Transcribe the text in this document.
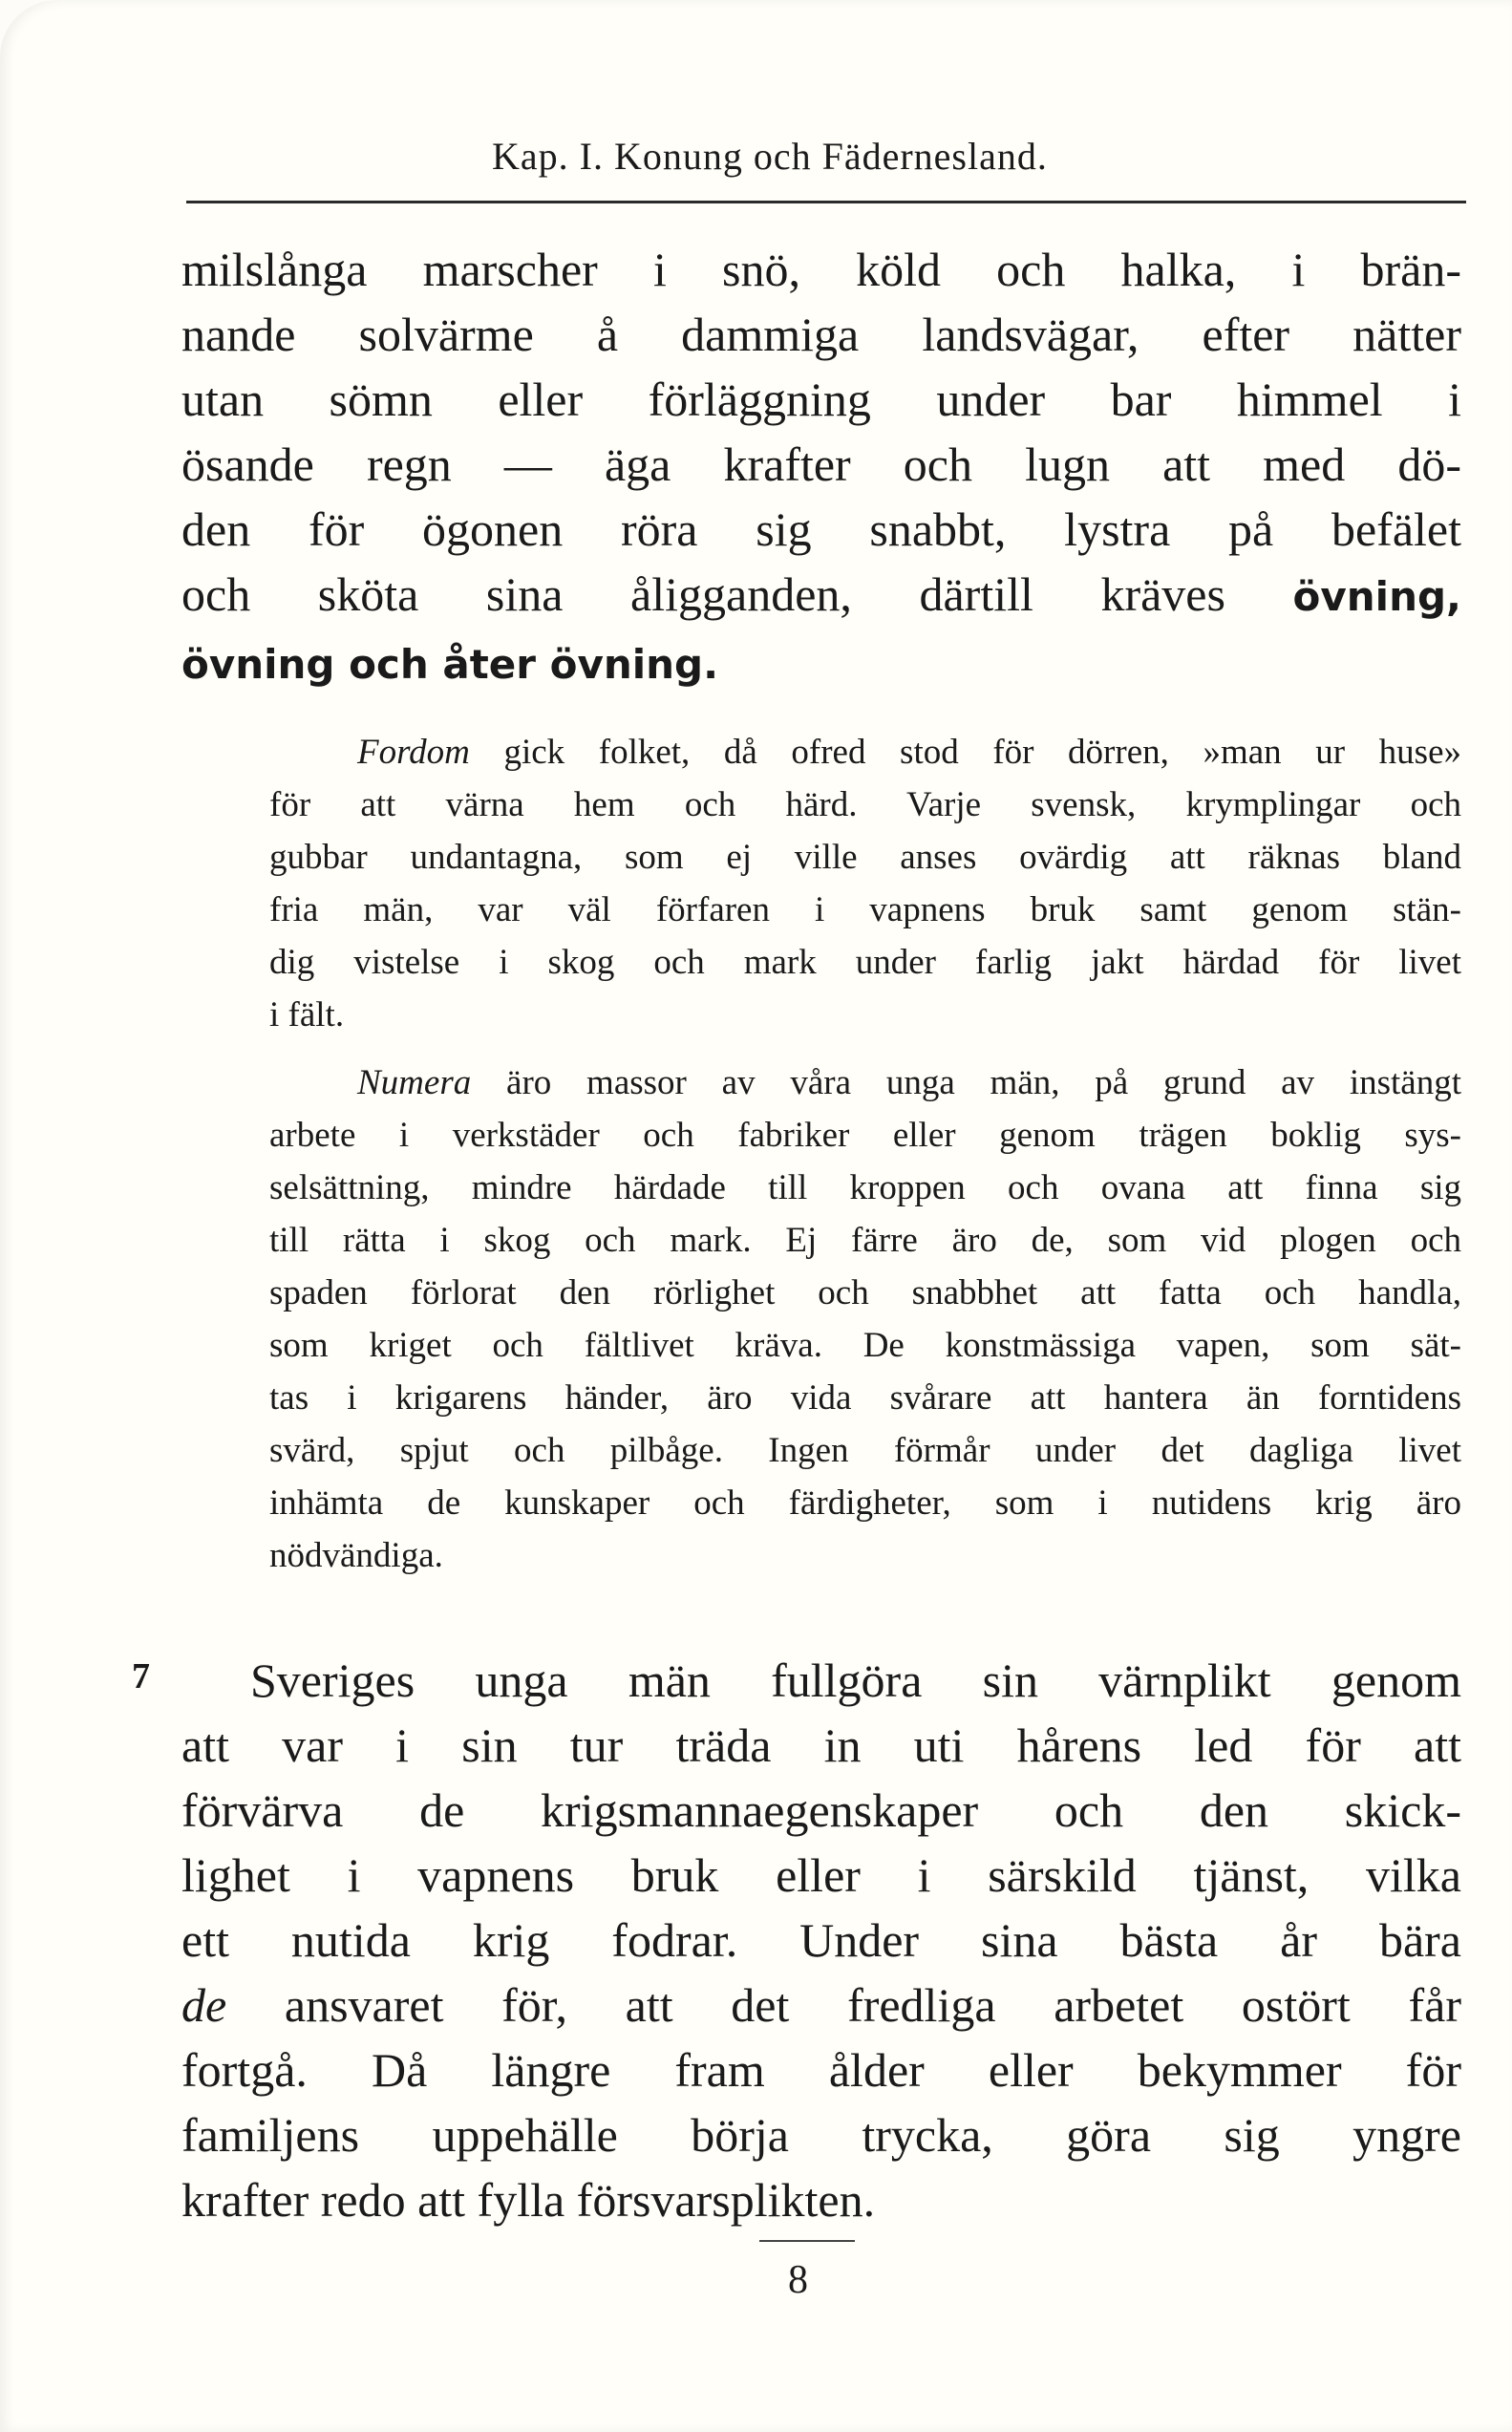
Kap. I. Konung och Fädernesland.
milslånga marscher i snö, köld och halka, i brän-
nande solvärme å dammiga landsvägar, efter nätter
utan sömn eller förläggning under bar himmel i
ösande regn — äga krafter och lugn att med dö-
den för ögonen röra sig snabbt, lystra på befälet
och sköta sina åligganden, därtill kräves övning,
övning och åter övning.
Fordom gick folket, då ofred stod för dörren, »man ur huse»
för att värna hem och härd. Varje svensk, krymplingar och
gubbar undantagna, som ej ville anses ovärdig att räknas bland
fria män, var väl förfaren i vapnens bruk samt genom stän-
dig vistelse i skog och mark under farlig jakt härdad för livet
i fält.
Numera äro massor av våra unga män, på grund av instängt
arbete i verkstäder och fabriker eller genom trägen boklig sys-
selsättning, mindre härdade till kroppen och ovana att finna sig
till rätta i skog och mark. Ej färre äro de, som vid plogen och
spaden förlorat den rörlighet och snabbhet att fatta och handla,
som kriget och fältlivet kräva. De konstmässiga vapen, som sät-
tas i krigarens händer, äro vida svårare att hantera än forntidens
svärd, spjut och pilbåge. Ingen förmår under det dagliga livet
inhämta de kunskaper och färdigheter, som i nutidens krig äro
nödvändiga.
7	Sveriges unga män fullgöra sin värnplikt genom
att var i sin tur träda in uti hårens led för att
förvärva de krigsmannaegenskaper och den skick-
lighet i vapnens bruk eller i särskild tjänst, vilka
ett nutida krig fodrar. Under sina bästa år bära
de ansvaret för, att det fredliga arbetet ostört får
fortgå. Då längre fram ålder eller bekymmer för
familjens uppehälle börja trycka, göra sig yngre
krafter redo att fylla försvarsplikten.
8
